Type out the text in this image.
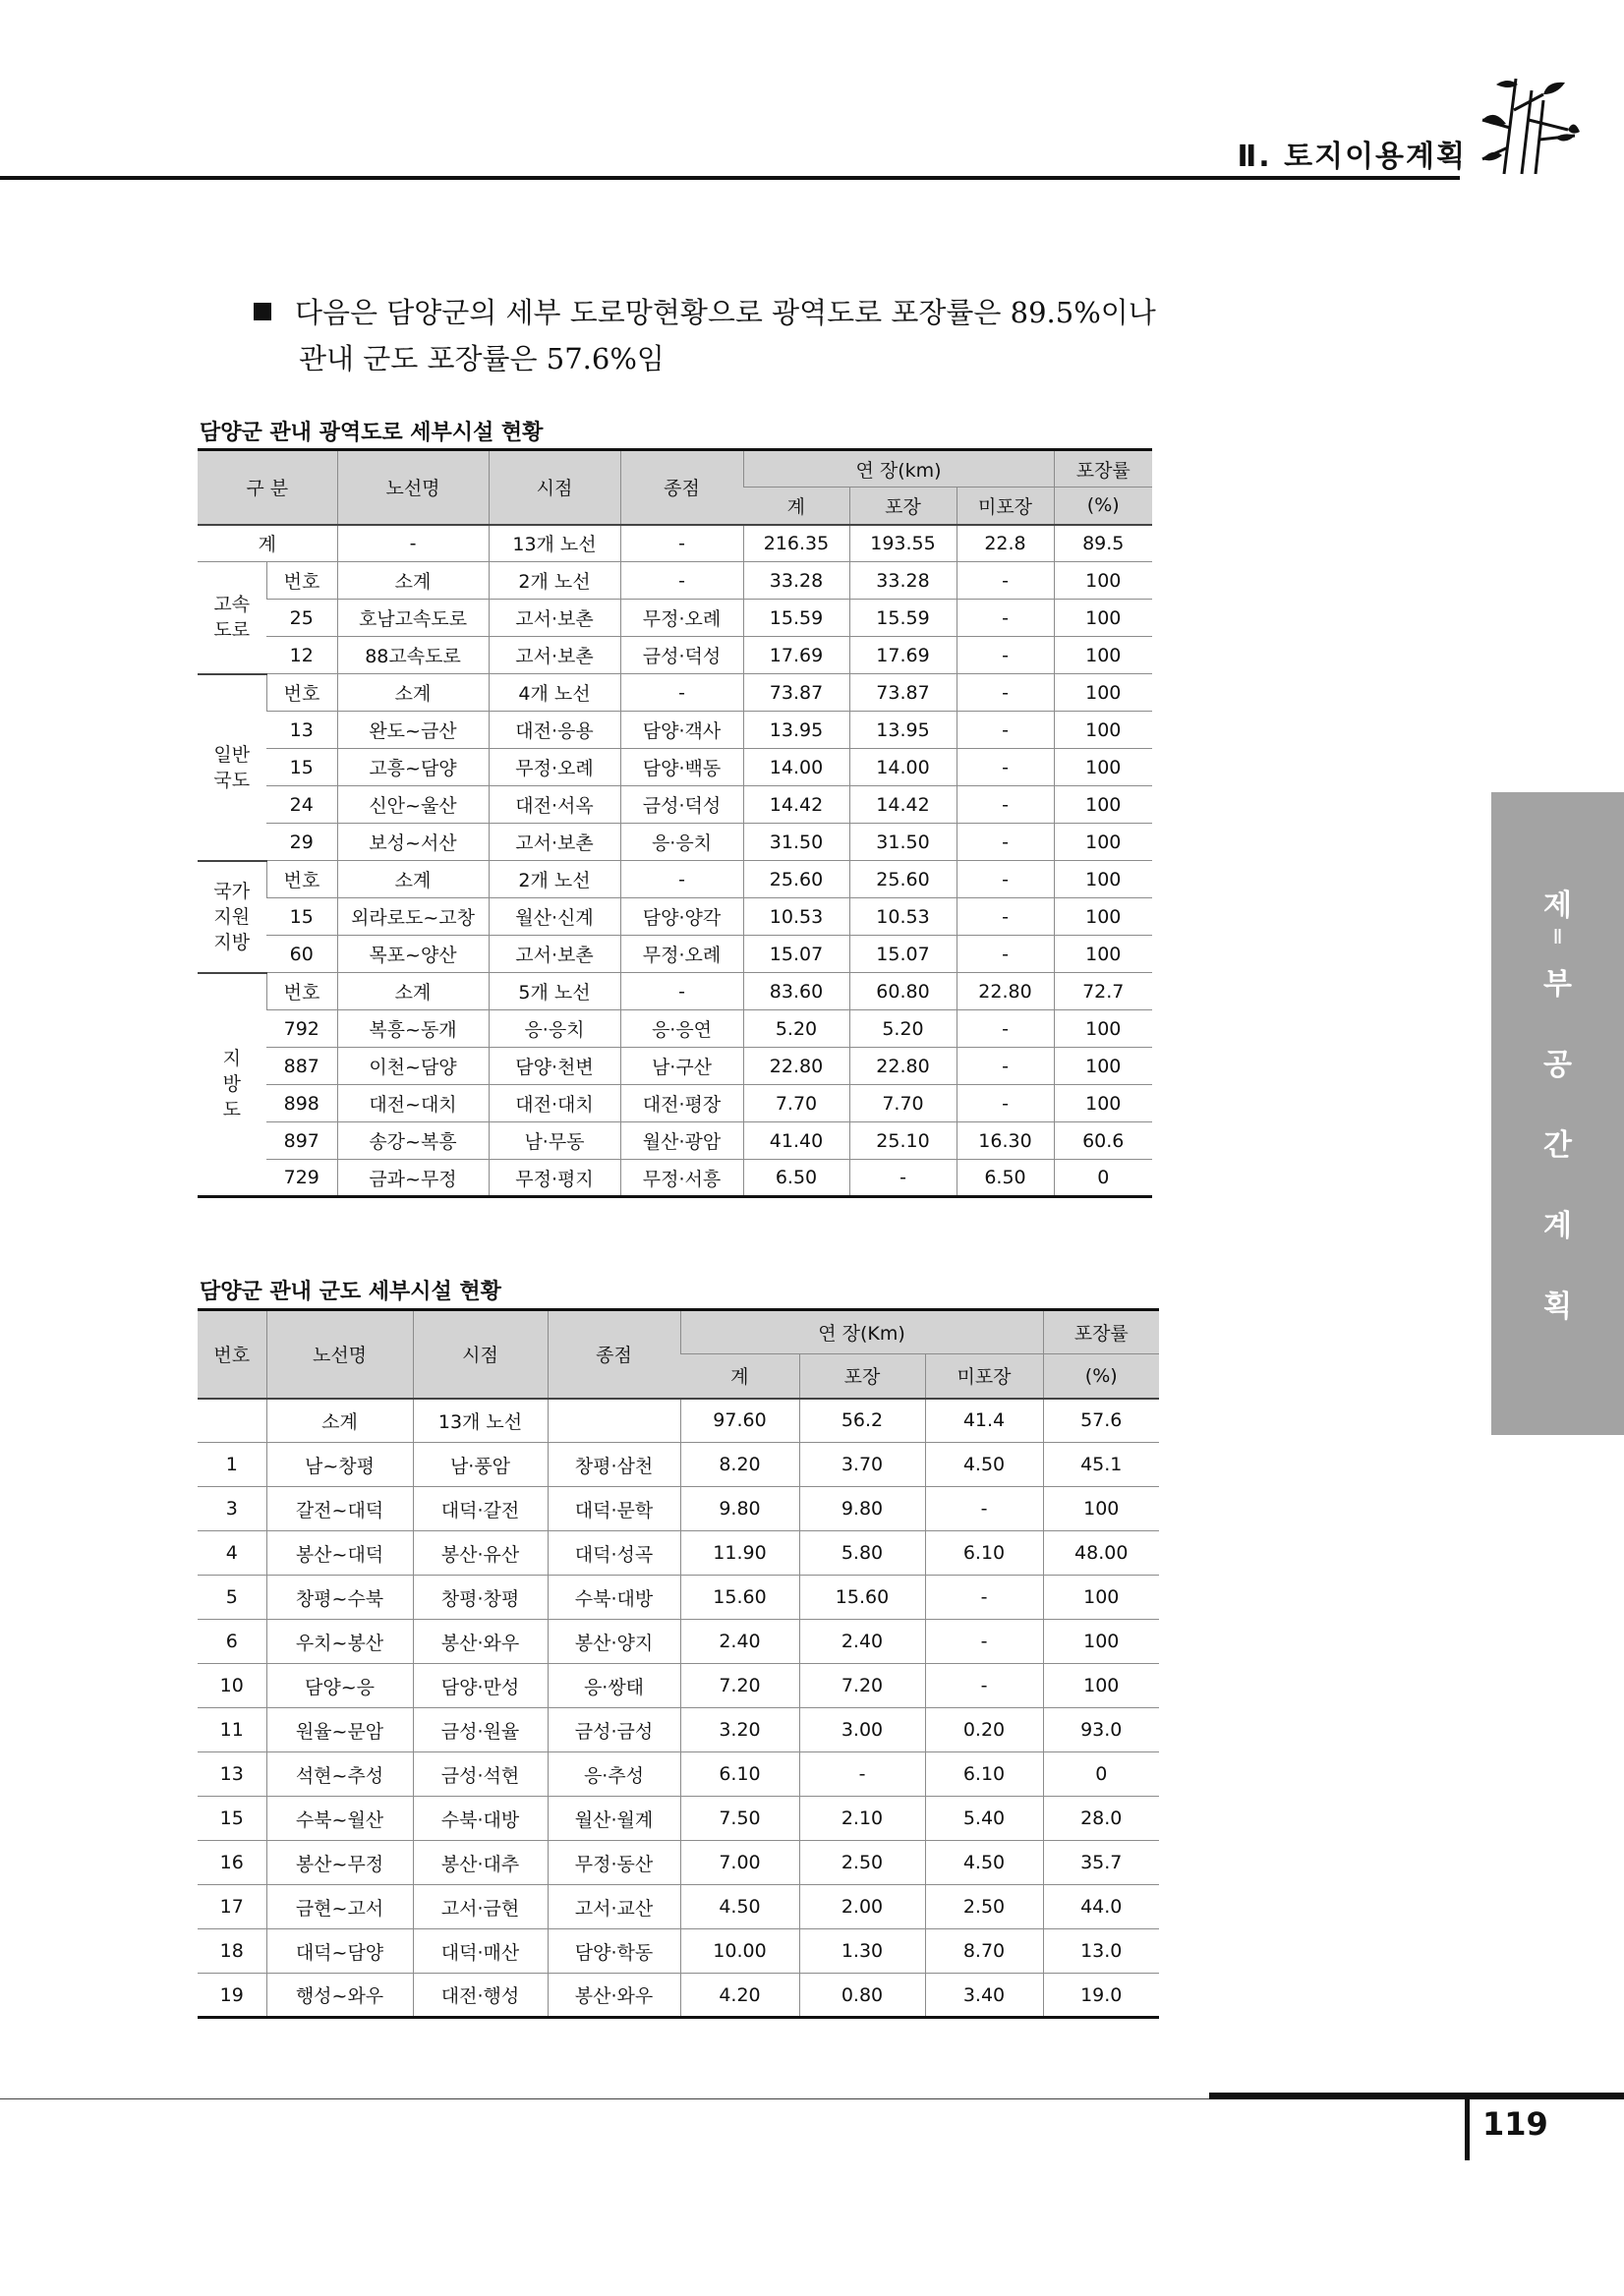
Ⅱ. 토지이용계획
다음은 담양군의 세부 도로망현황으로 광역도로 포장률은 89.5%이나
관내 군도 포장률은 57.6%임
담양군 관내 광역도로 세부시설 현황
구 분		노선명	시점	종점	연 장(km)			포장률
					계	포장	미포장	(%)
계		-	13개 노선	-	216.35	193.55	22.8	89.5
고속
도로	번호	소계	2개 노선	-	33.28	33.28	-	100
	25	호남고속도로	고서·보촌	무정·오례	15.59	15.59	-	100
	12	88고속도로	고서·보촌	금성·덕성	17.69	17.69	-	100
일반
국도	번호	소계	4개 노선	-	73.87	73.87	-	100
	13	완도~금산	대전·응용	담양·객사	13.95	13.95	-	100
	15	고흥~담양	무정·오례	담양·백동	14.00	14.00	-	100
	24	신안~울산	대전·서옥	금성·덕성	14.42	14.42	-	100
	29	보성~서산	고서·보촌	응·응치	31.50	31.50	-	100
국가
지원
지방	번호	소계	2개 노선	-	25.60	25.60	-	100
	15	외라로도~고창	월산·신계	담양·양각	10.53	10.53	-	100
	60	목포~양산	고서·보촌	무정·오례	15.07	15.07	-	100
지
방
도	번호	소계	5개 노선	-	83.60	60.80	22.80	72.7
	792	복흥~동개	응·응치	응·응연	5.20	5.20	-	100
	887	이천~담양	담양·천변	남·구산	22.80	22.80	-	100
	898	대전~대치	대전·대치	대전·평장	7.70	7.70	-	100
	897	송강~복흥	남·무동	월산·광암	41.40	25.10	16.30	60.6
	729	금과~무정	무정·평지	무정·서흥	6.50	-	6.50	0
담양군 관내 군도 세부시설 현황
번호	노선명	시점	종점	연 장(Km)			포장률
				계	포장	미포장	(%)
	소계	13개 노선		97.60	56.2	41.4	57.6
1	남~창평	남·풍암	창평·삼천	8.20	3.70	4.50	45.1
3	갈전~대덕	대덕·갈전	대덕·문학	9.80	9.80	-	100
4	봉산~대덕	봉산·유산	대덕·성곡	11.90	5.80	6.10	48.00
5	창평~수북	창평·창평	수북·대방	15.60	15.60	-	100
6	우치~봉산	봉산·와우	봉산·양지	2.40	2.40	-	100
10	담양~응	담양·만성	응·쌍태	7.20	7.20	-	100
11	원율~문암	금성·원율	금성·금성	3.20	3.00	0.20	93.0
13	석현~추성	금성·석현	응·추성	6.10	-	6.10	0
15	수북~월산	수북·대방	월산·월계	7.50	2.10	5.40	28.0
16	봉산~무정	봉산·대추	무정·동산	7.00	2.50	4.50	35.7
17	금현~고서	고서·금현	고서·교산	4.50	2.00	2.50	44.0
18	대덕~담양	대덕·매산	담양·학동	10.00	1.30	8.70	13.0
19	행성~와우	대전·행성	봉산·와우	4.20	0.80	3.40	19.0
제
Ⅱ
부
공
간
계
획
119
